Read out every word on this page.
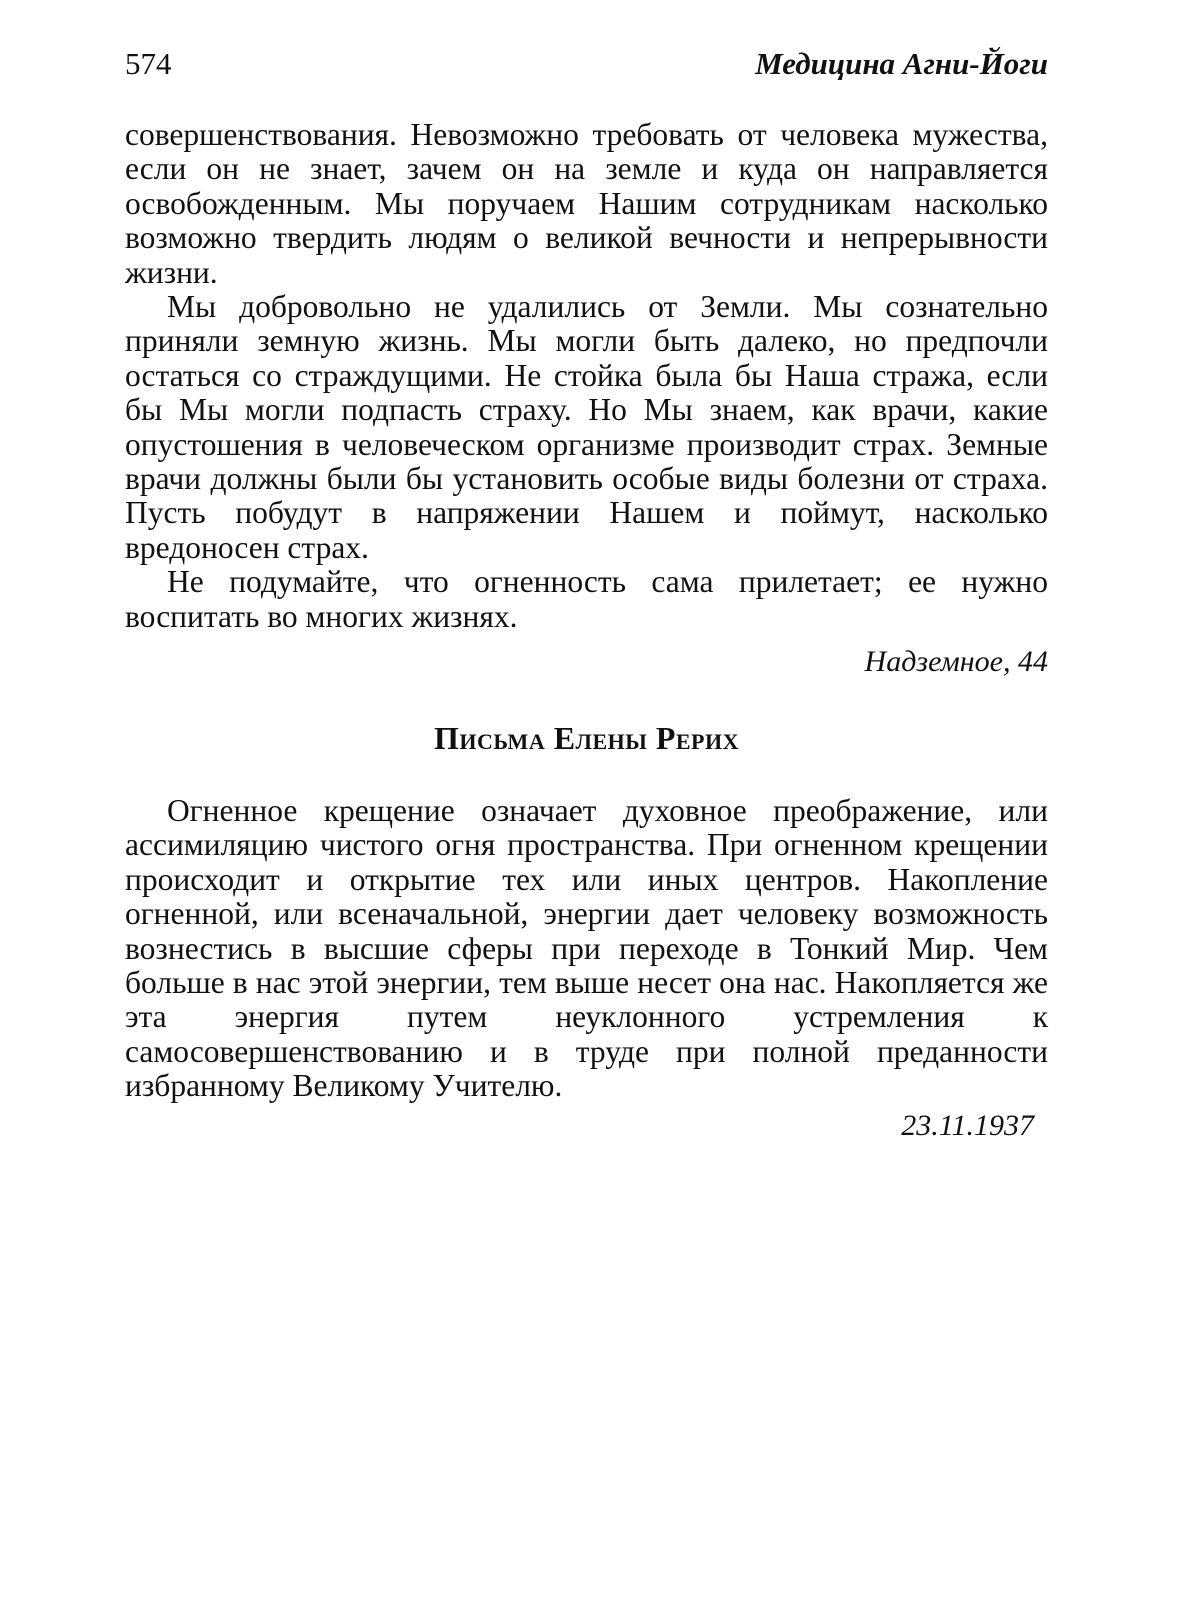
574	Медицина Агни-Йоги

совершенствования. Невозможно требовать от человека мужества, если он не знает, зачем он на земле и куда он направляется освобожденным. Мы поручаем Нашим сотрудникам насколько возможно твердить людям о великой вечности и непрерывности жизни.

Мы добровольно не удалились от Земли. Мы сознательно приняли земную жизнь. Мы могли быть далеко, но предпочли остаться со страждущими. Не стойка была бы Наша стража, если бы Мы могли подпасть страху. Но Мы знаем, как врачи, какие опустошения в человеческом организме производит страх. Земные врачи должны были бы установить особые виды болезни от страха. Пусть побудут в напряжении Нашем и поймут, насколько вредоносен страх.

Не подумайте, что огненность сама прилетает; ее нужно воспитать во многих жизнях.

Надземное, 44

Письма Елены Рерих

Огненное крещение означает духовное преображение, или ассимиляцию чистого огня пространства. При огненном крещении происходит и открытие тех или иных центров. Накопление огненной, или всеначальной, энергии дает человеку возможность вознестись в высшие сферы при переходе в Тонкий Мир. Чем больше в нас этой энергии, тем выше несет она нас. Накопляется же эта энергия путем неуклонного устремления к самосовершенствованию и в труде при полной преданности избранному Великому Учителю.

23.11.1937
